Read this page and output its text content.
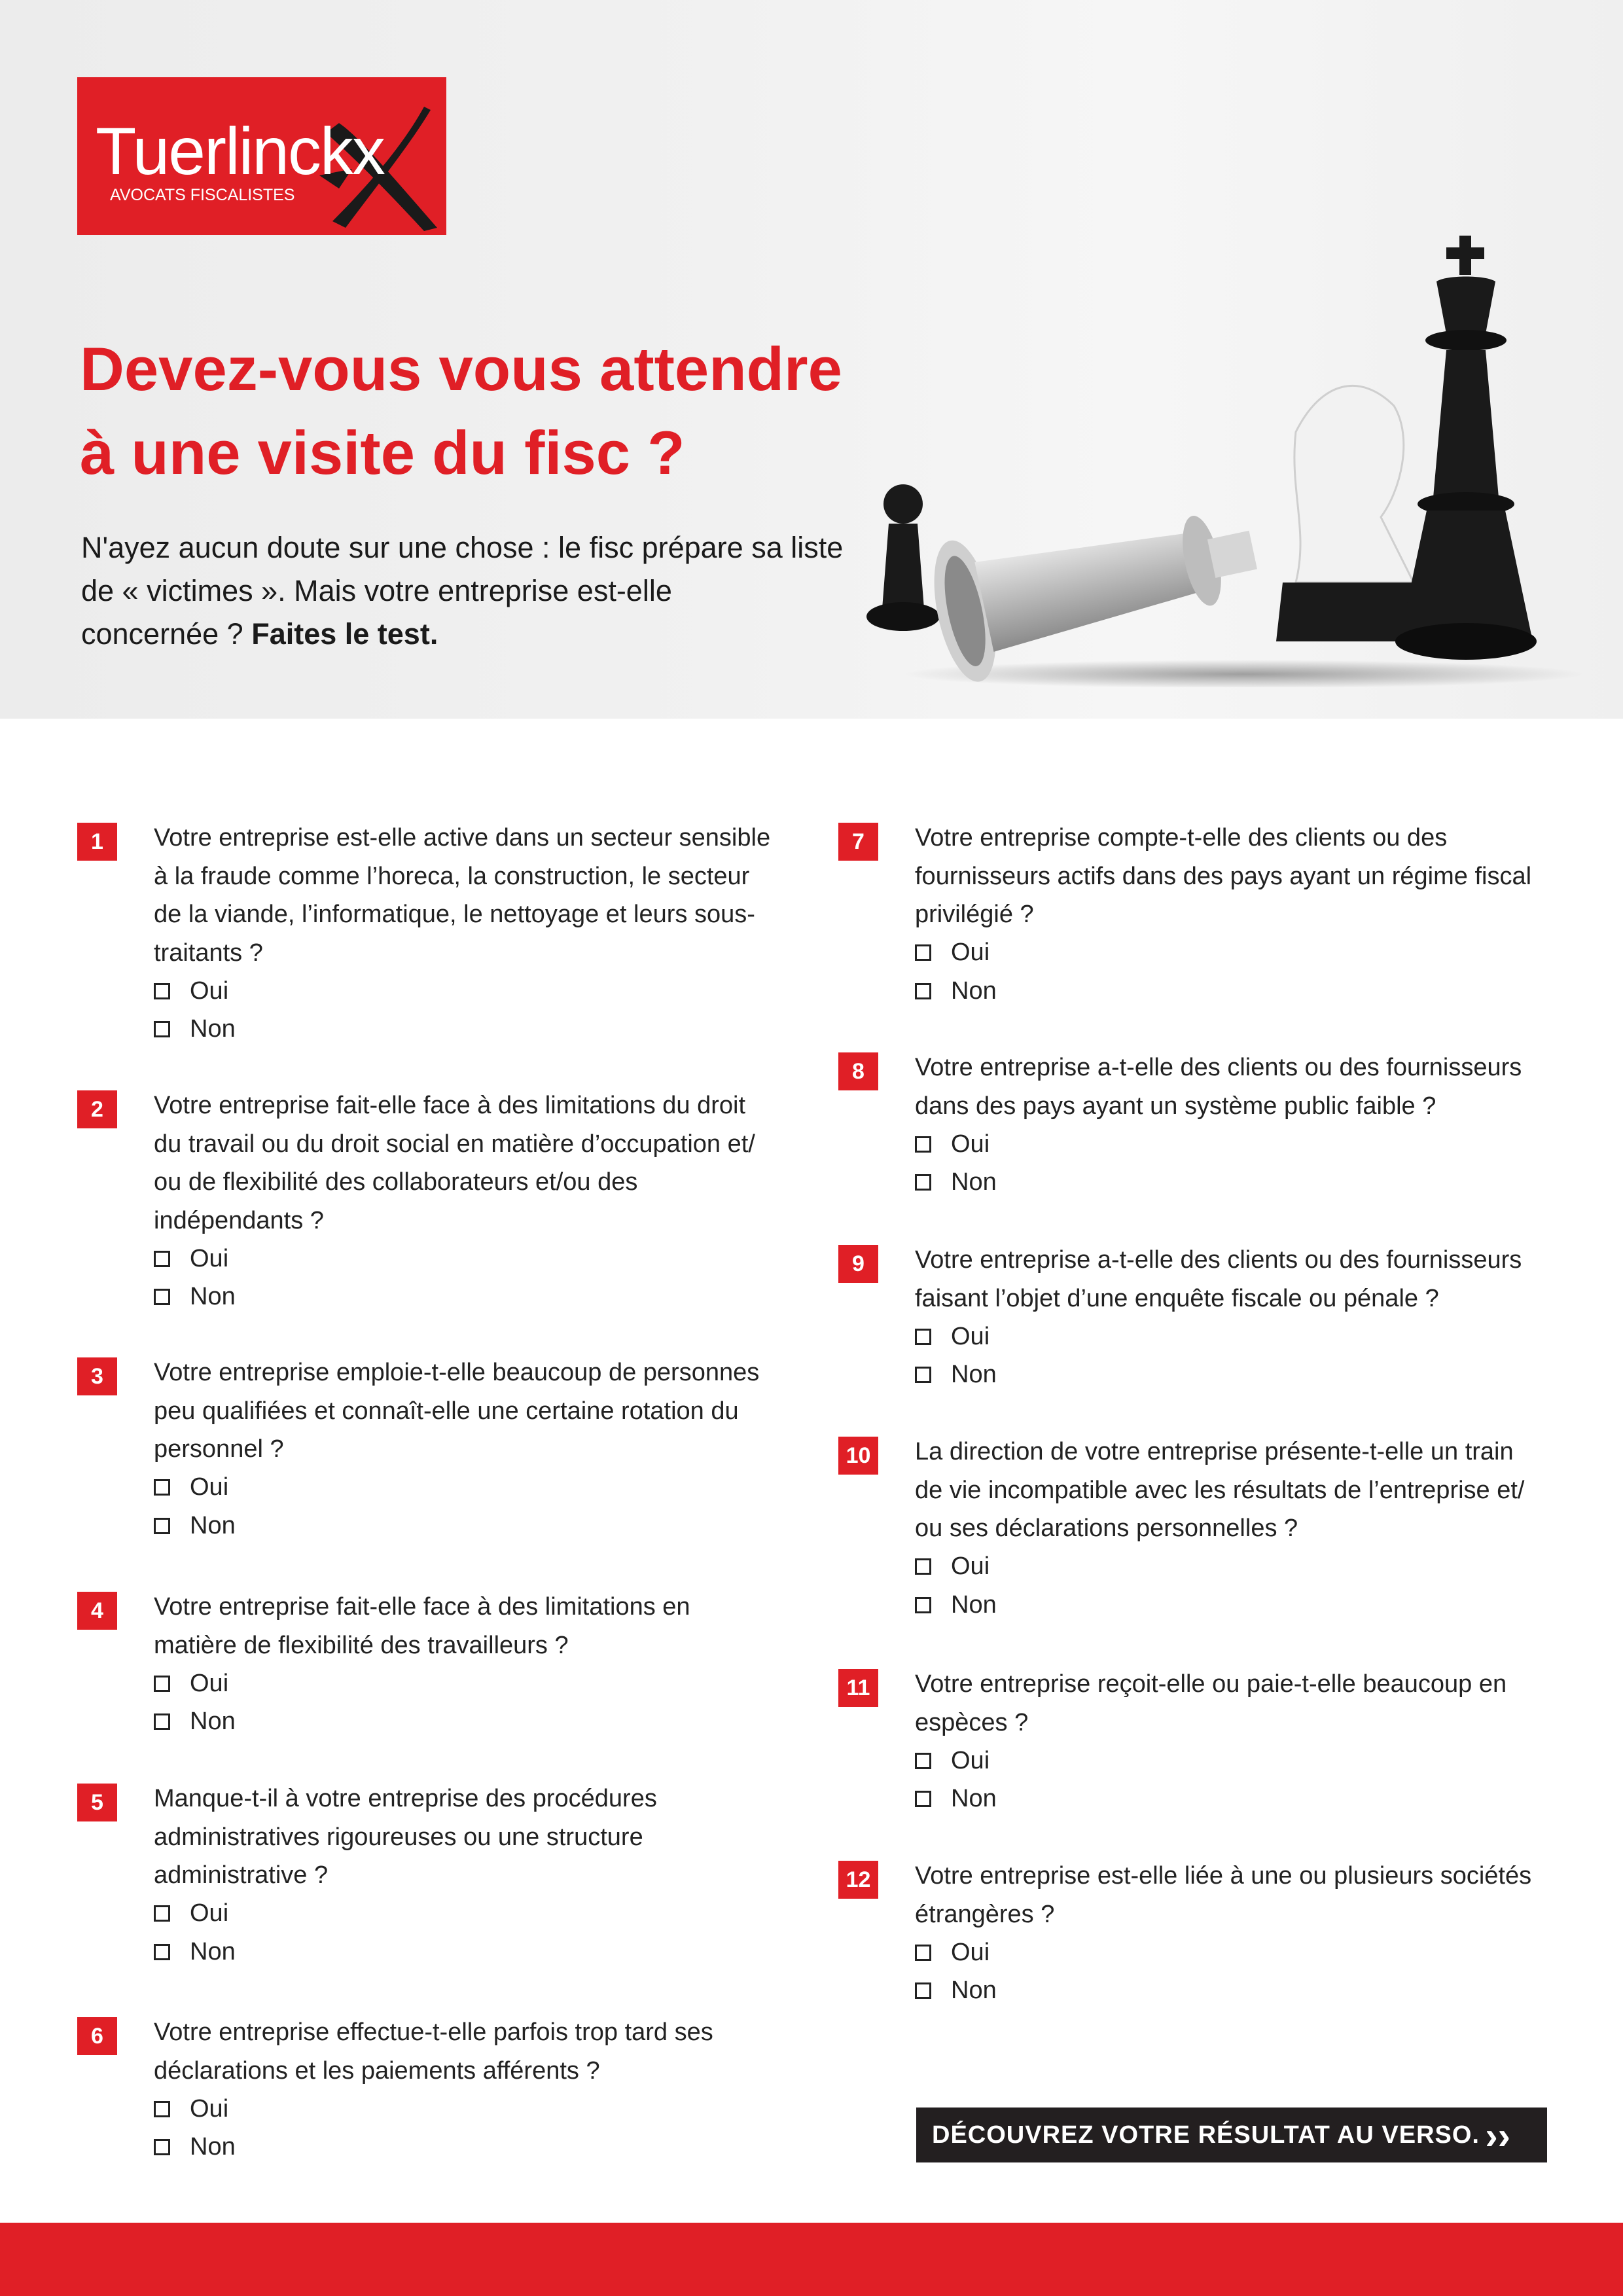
Tuerlinckx
AVOCATS FISCALISTES
Devez-vous vous attendre
à une visite du fisc ?

N'ayez aucun doute sur une chose : le fisc prépare sa liste
de « victimes ». Mais votre entreprise est-elle
concernée ? Faites le test.

1	Votre entreprise est-elle active dans un secteur sensible
à la fraude comme l’horeca, la construction, le secteur
de la viande, l’informatique, le nettoyage et leurs sous-
traitants ?

Oui
Non
2	Votre entreprise fait-elle face à des limitations du droit
du travail ou du droit social en matière d’occupation et/
ou de flexibilité des collaborateurs et/ou des
indépendants ?

Oui
Non
3	Votre entreprise emploie-t-elle beaucoup de personnes
peu qualifiées et connaît-elle une certaine rotation du
personnel ?

Oui
Non
4	Votre entreprise fait-elle face à des limitations en
matière de flexibilité des travailleurs ?

Oui
Non
5	Manque-t-il à votre entreprise des procédures
administratives rigoureuses ou une structure
administrative ?

Oui
Non
6	Votre entreprise effectue-t-elle parfois trop tard ses
déclarations et les paiements afférents ?

Oui
Non
7	Votre entreprise compte-t-elle des clients ou des
fournisseurs actifs dans des pays ayant un régime fiscal
privilégié ?

Oui
Non
8	Votre entreprise a-t-elle des clients ou des fournisseurs
dans des pays ayant un système public faible ?

Oui
Non
9	Votre entreprise a-t-elle des clients ou des fournisseurs
faisant l’objet d’une enquête fiscale ou pénale ?

Oui
Non
10	La direction de votre entreprise présente-t-elle un train
de vie incompatible avec les résultats de l’entreprise et/
ou ses déclarations personnelles ?

Oui
Non
11	Votre entreprise reçoit-elle ou paie-t-elle beaucoup en
espèces ?

Oui
Non
12	Votre entreprise est-elle liée à une ou plusieurs sociétés
étrangères ?

Oui
Non
DÉCOUVREZ VOTRE RÉSULTAT AU VERSO. ››
